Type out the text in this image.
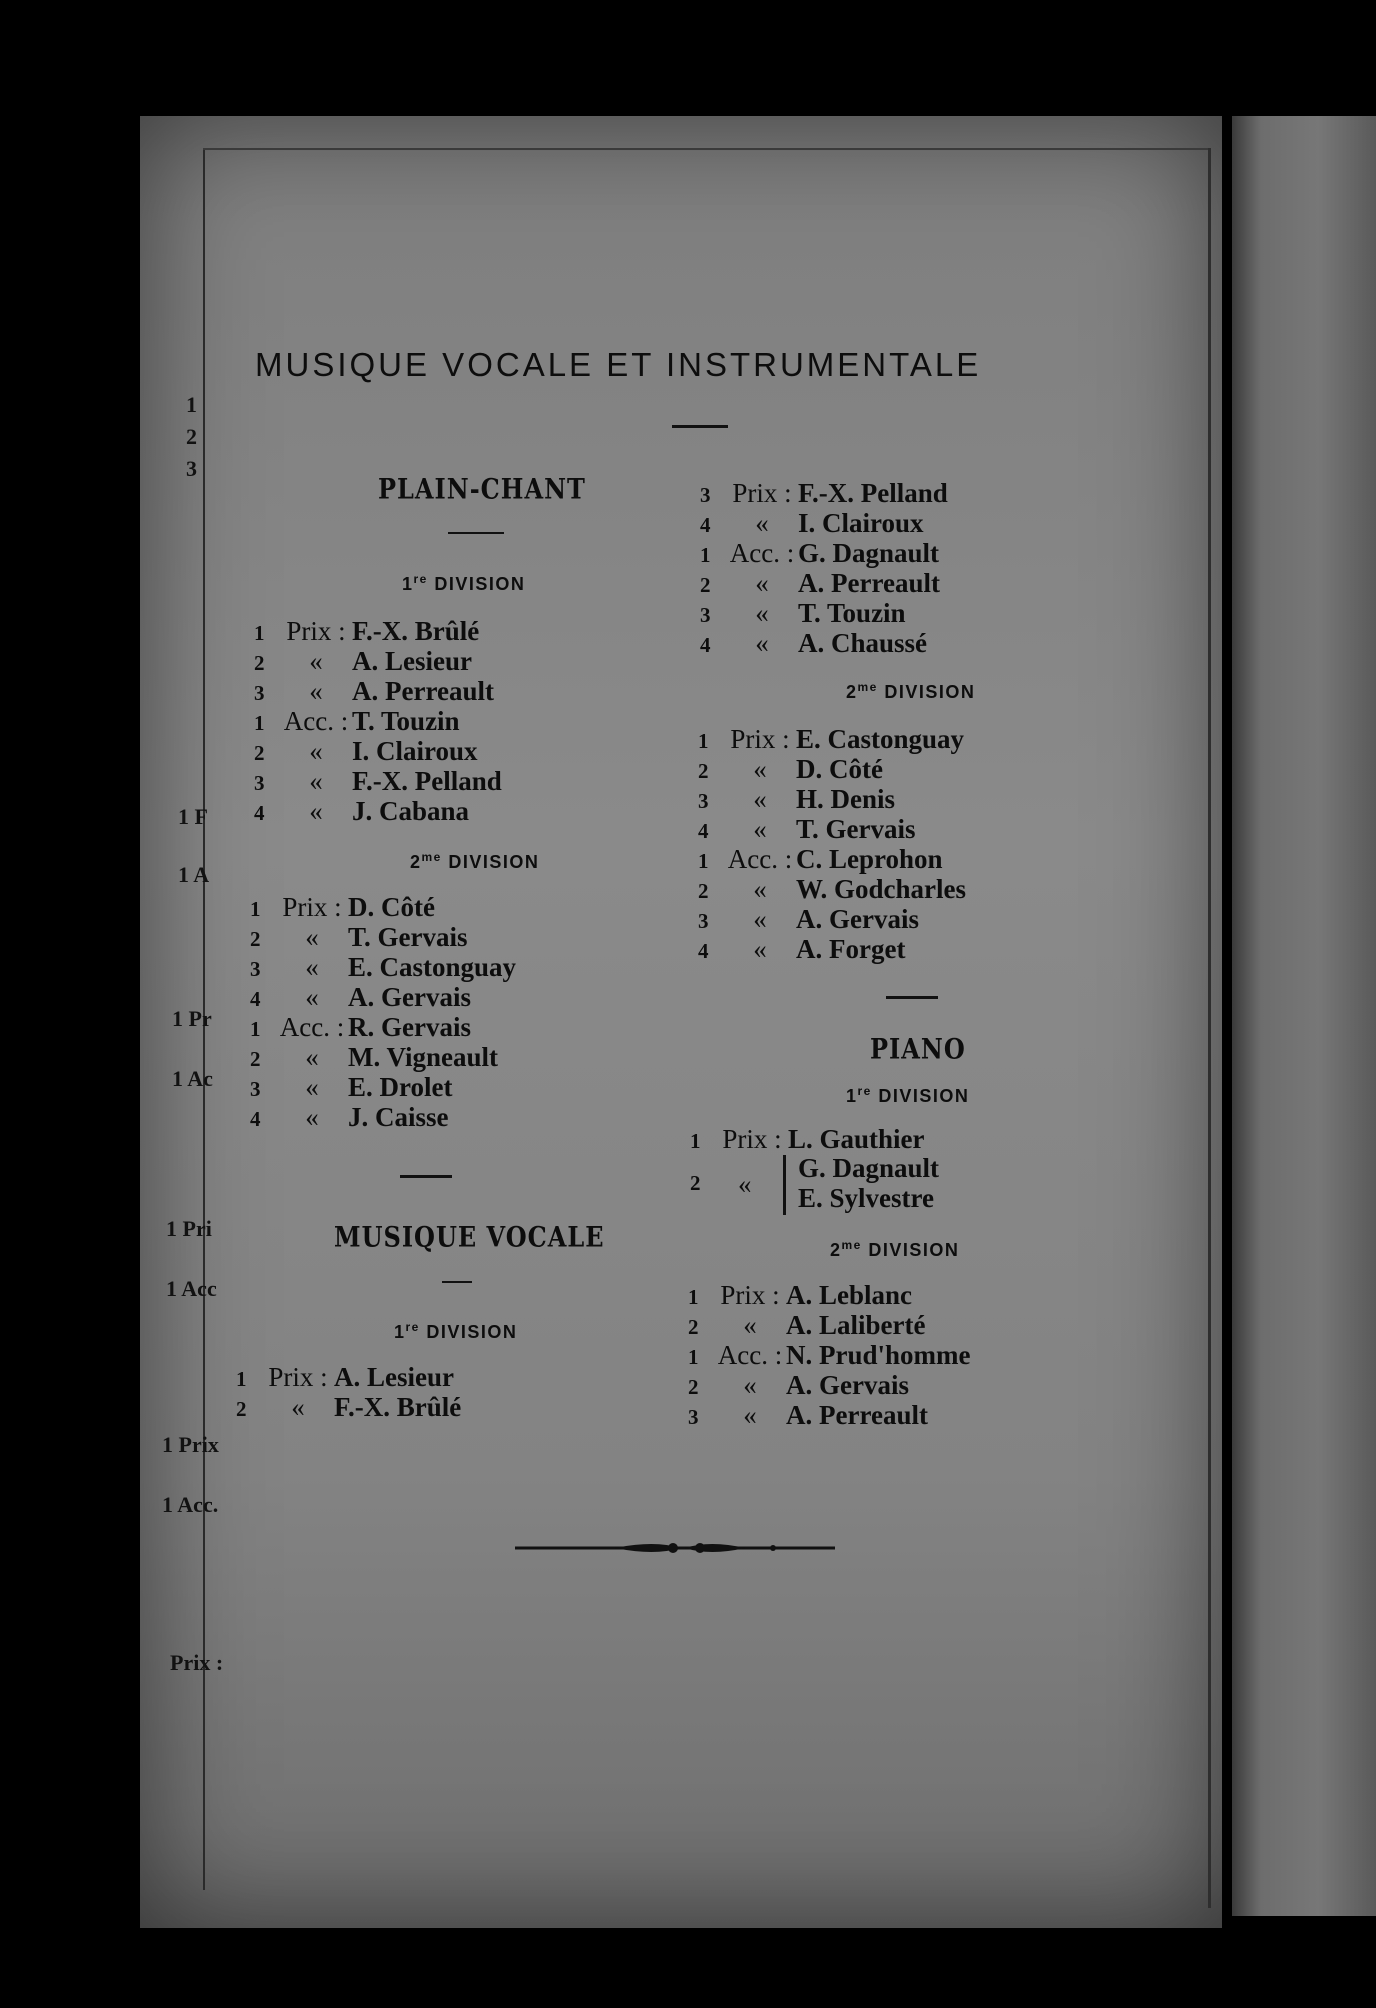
1
2
3
1 F
1 A
1 Pr
1 Ac
1 Pri
1 Acc
1 Prix
1 Acc.
Prix :
MUSIQUE VOCALE ET INSTRUMENTALE
PLAIN-CHANT
1re DIVISION
1 Prix : F.-X. Brûlé
2 « A. Lesieur
3 « A. Perreault
1 Acc. : T. Touzin
2 « I. Clairoux
3 « F.-X. Pelland
4 « J. Cabana
$2^{me}$ DIVISION
1 Prix : D. Côté
2 « T. Gervais
3 « E. Castonguay
4 « A. Gervais
1 Acc. : R. Gervais
2 « M. Vigneault
3 « E. Drolet
4 « J. Caisse
MUSIQUE VOCALE
1re DIVISION
1 Prix : A. Lesieur
2 « F.-X. Brûlé
3 Prix : F.-X. Pelland
4 « I. Clairoux
1 Acc. : G. Dagnault
2 « A. Perreault
3 « T. Touzin
4 « A. Chaussé
$2^{me}$ DIVISION
1 Prix : E. Castonguay
2 « D. Côté
3 « H. Denis
4 « T. Gervais
1 Acc. : C. Leprohon
2 « W. Godcharles
3 « A. Gervais
4 « A. Forget
PIANO
1re DIVISION
1 Prix : L. Gauthier
2 «
G. Dagnault
E. Sylvestre
$2^{me}$ DIVISION
1 Prix : A. Leblanc
2 « A. Laliberté
1 Acc. : N. Prud'homme
2 « A. Gervais
3 « A. Perreault
